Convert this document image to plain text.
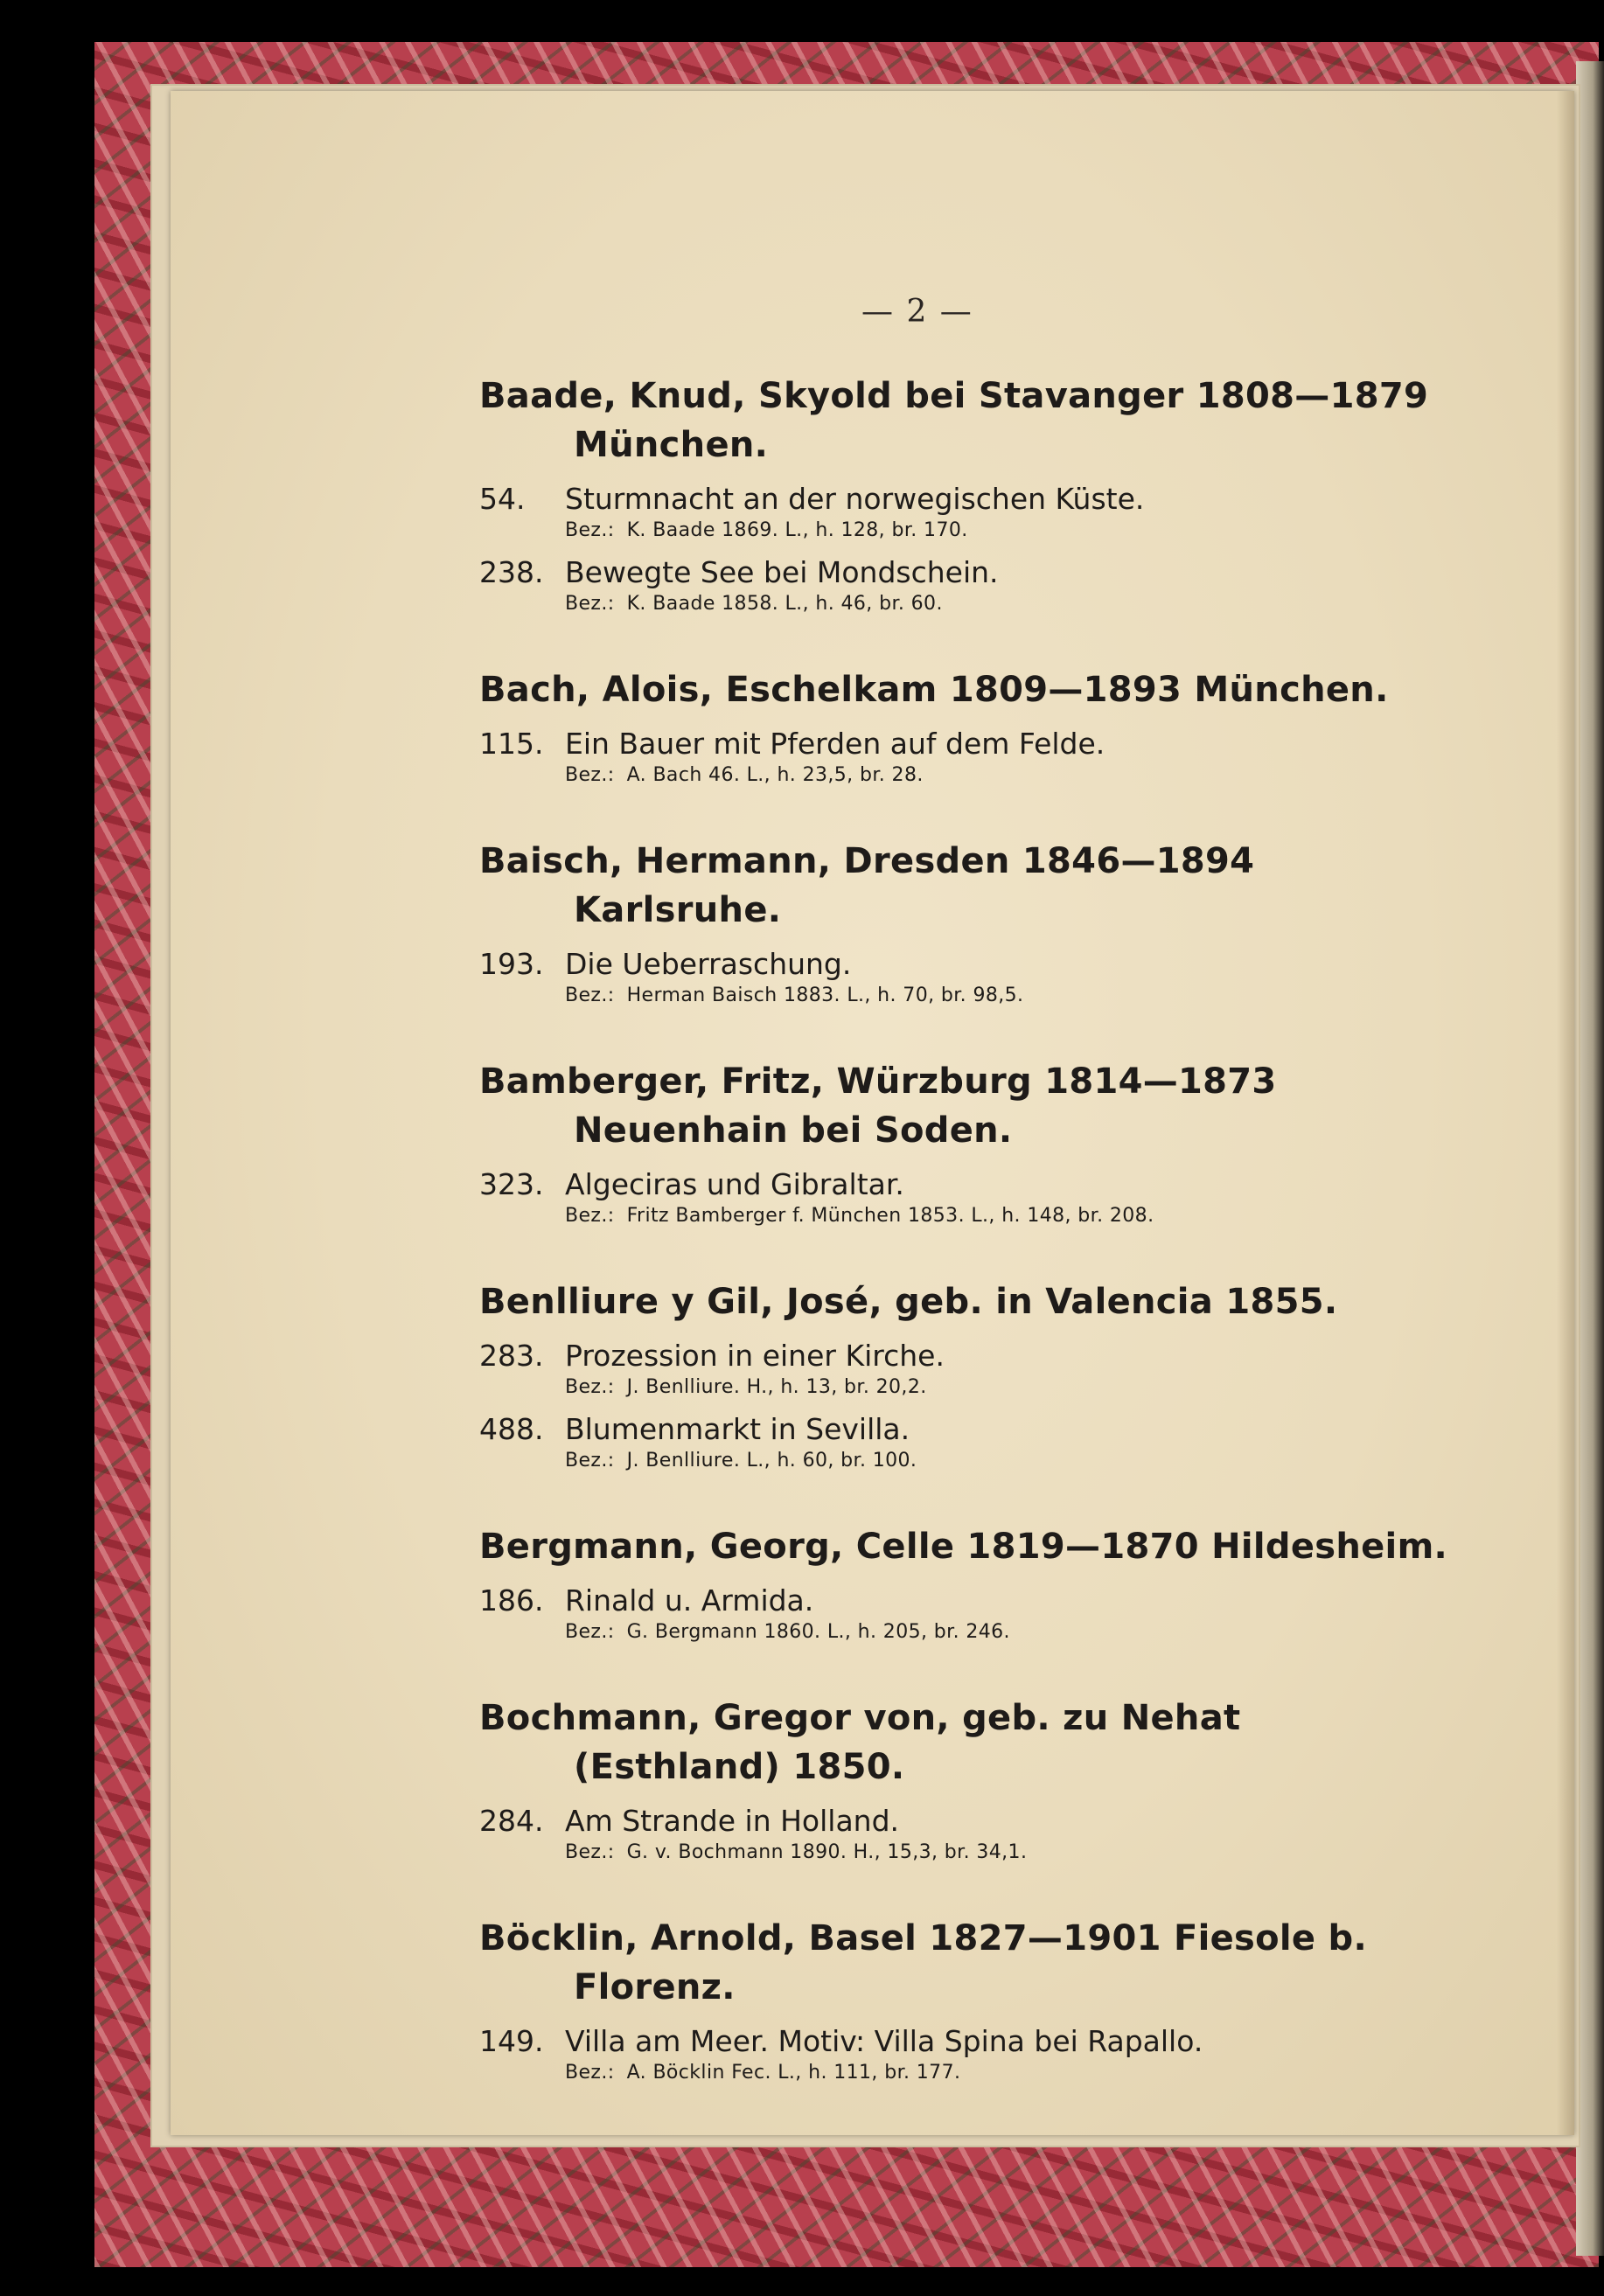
— 2 —
Baade, Knud, Skyold bei Stavanger 1808—1879 München.
54.	Sturmnacht an der norwegischen Küste.
Bez.: K. Baade 1869. L., h. 128, br. 170.
238. Bewegte See bei Mondschein.
Bez.: K. Baade 1858. L., h. 46, br. 60.
Bach, Alois, Eschelkam 1809—1893 München.
115. Ein Bauer mit Pferden auf dem Felde.
Bez.: A. Bach 46. L., h. 23,5, br. 28.
Baisch, Hermann, Dresden 1846—1894 Karlsruhe.
193. Die Ueberraschung.
Bez.: Herman Baisch 1883. L., h. 70, br. 98,5.
Bamberger, Fritz, Würzburg 1814—1873 Neuenhain bei Soden.
323. Algeciras und Gibraltar.
Bez.: Fritz Bamberger f. München 1853. L., h. 148, br. 208.
Benlliure y Gil, José, geb. in Valencia 1855.
283. Prozession in einer Kirche.
Bez.: J. Benlliure. H., h. 13, br. 20,2.
488. Blumenmarkt in Sevilla.
Bez.: J. Benlliure. L., h. 60, br. 100.
Bergmann, Georg, Celle 1819—1870 Hildesheim.
186. Rinald u. Armida.
Bez.: G. Bergmann 1860. L., h. 205, br. 246.
Bochmann, Gregor von, geb. zu Nehat (Esthland) 1850.
284. Am Strande in Holland.
Bez.: G. v. Bochmann 1890. H., 15,3, br. 34,1.
Böcklin, Arnold, Basel 1827—1901 Fiesole b. Florenz.
149. Villa am Meer. Motiv: Villa Spina bei Rapallo.
Bez.: A. Böcklin Fec. L., h. 111, br. 177.
